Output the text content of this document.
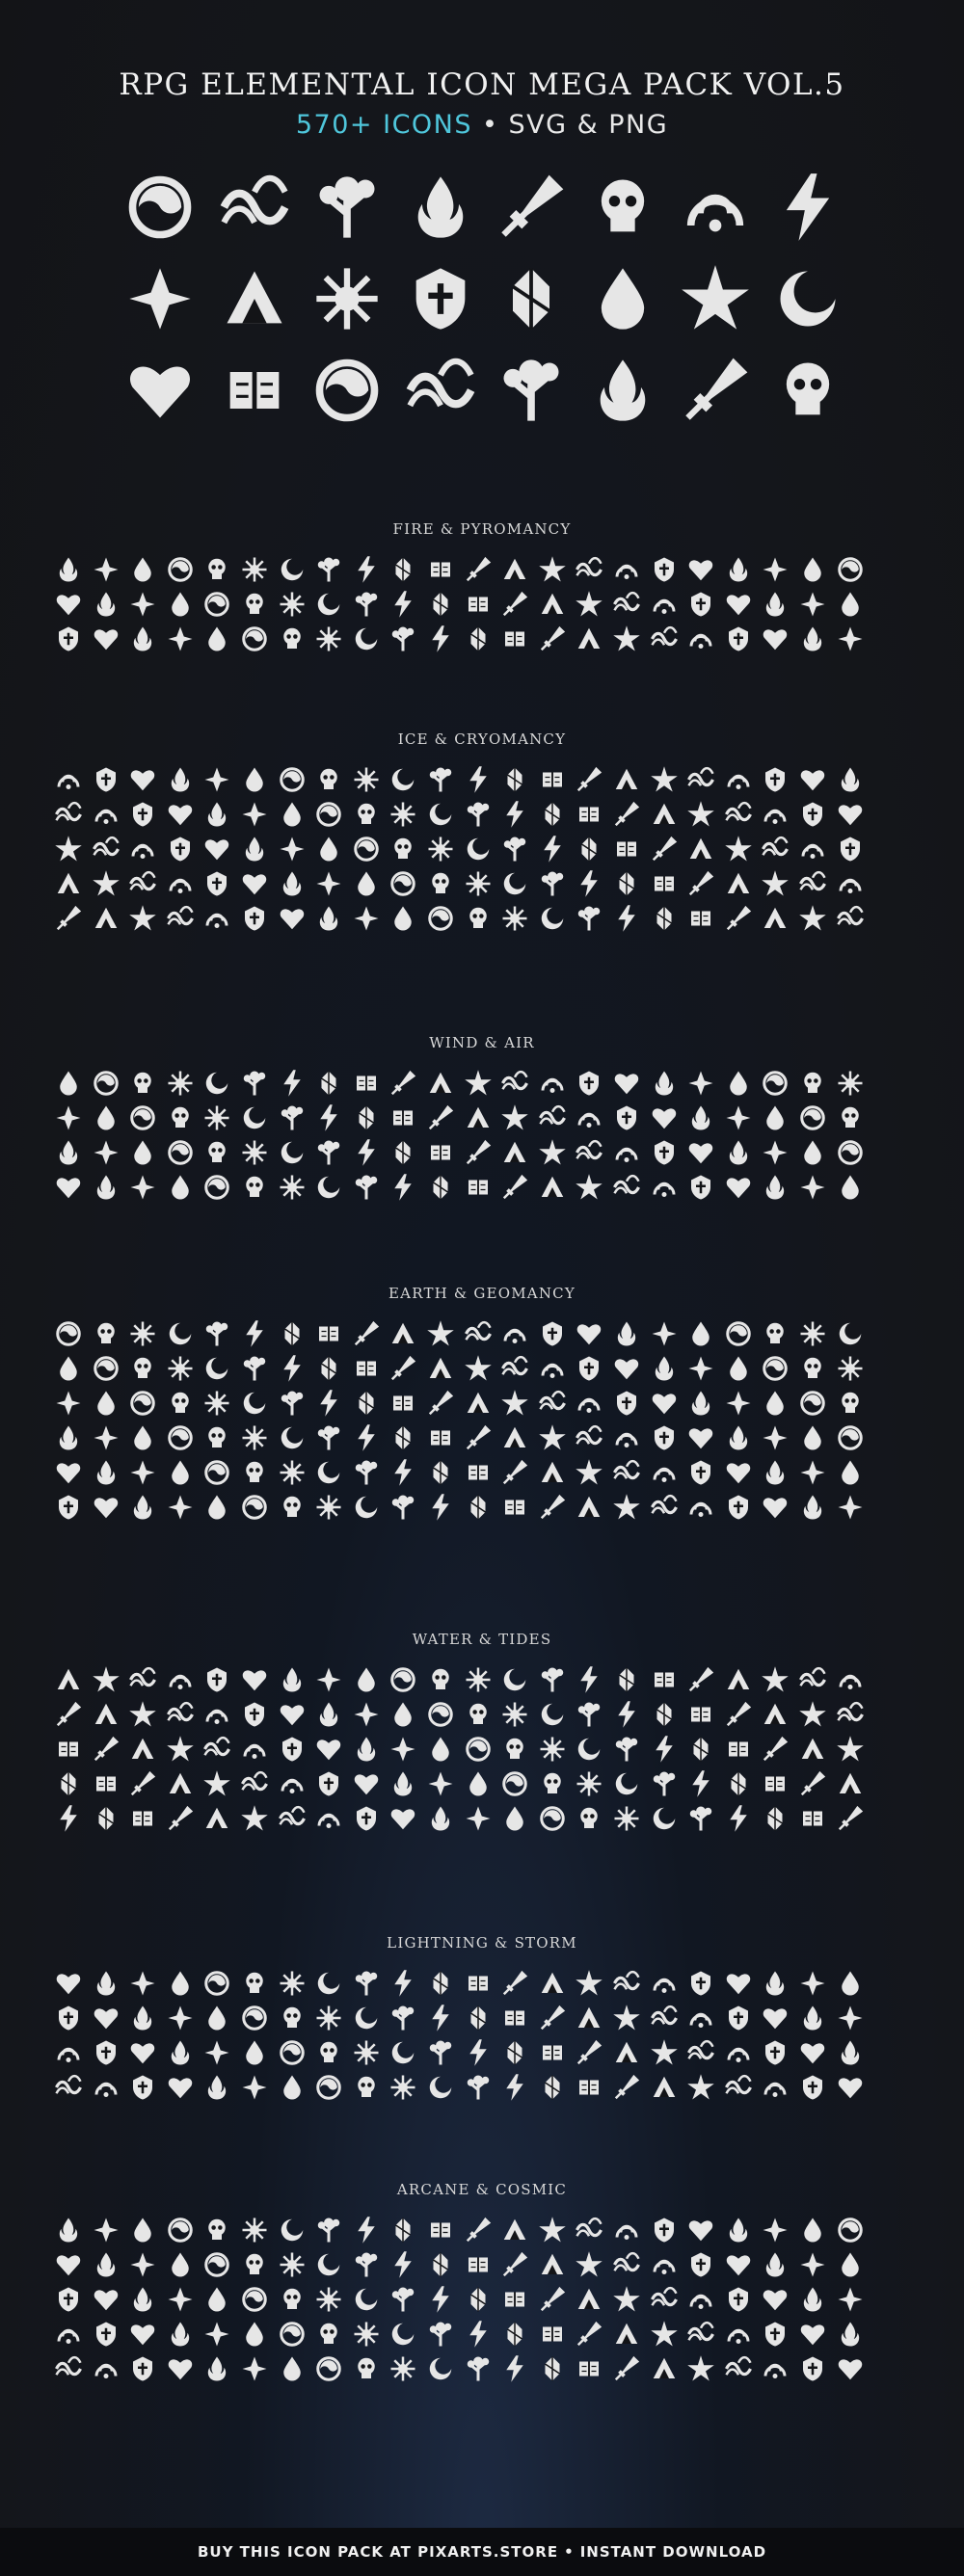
RPG ELEMENTAL ICON MEGA PACK VOL.5
570+ ICONS • SVG & PNG
FIRE & PYROMANCY
ICE & CRYOMANCY
WIND & AIR
EARTH & GEOMANCY
WATER & TIDES
LIGHTNING & STORM
ARCANE & COSMIC
BUY THIS ICON PACK AT PIXARTS.STORE • INSTANT DOWNLOAD
